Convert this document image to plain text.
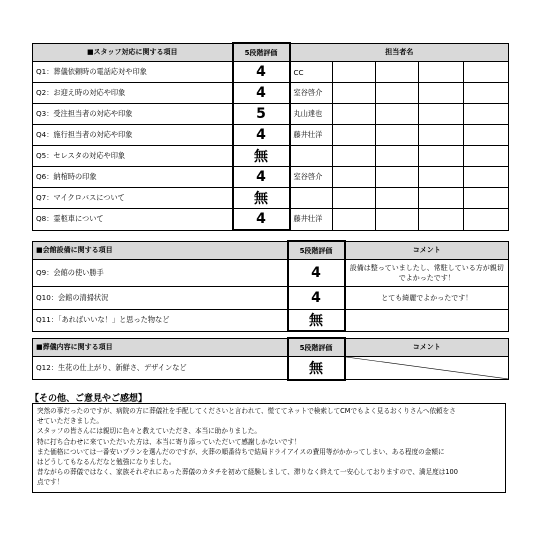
■スタッフ対応に関する項目	5段階評価	担当者名				
Q1：葬儀依頼時の電話応対や印象	4	CC				
Q2：お迎え時の対応や印象	4	室谷啓介				
Q3：受注担当者の対応や印象	5	丸山達也				
Q4：施行担当者の対応や印象	4	藤井壮洋				
Q5：セレスタの対応や印象	無					
Q6：納棺時の印象	4	室谷啓介				
Q7：マイクロバスについて	無					
Q8：霊柩車について	4	藤井壮洋				
■会館設備に関する項目	5段階評価	コメント
Q9：会館の使い勝手	4	設備は整っていましたし、常駐している方が親切でよかったです！
Q10：会館の清掃状況	4	とても綺麗でよかったです！
Q11：「あればいいな！」と思った物など	無	
■葬儀内容に関する項目	5段階評価	コメント
Q12：生花の仕上がり、新鮮さ、デザインなど	無	
【その他、ご意見やご感想】

突然の事だったのですが、病院の方に葬儀社を手配してくださいと言われて、慌ててネットで検索してCMでもよく見るおくりさんへ依頼をさ

せていただきました。

スタッフの皆さんには親切に色々と教えていただき、本当に助かりました。

特に打ち合わせに来ていただいた方は、本当に寄り添っていただいて感謝しかないです！

また価格については一番安いプランを選んだのですが、火葬の順番待ちで結局ドライアイスの費用等がかかってしまい、ある程度の金額に

はどうしてもなるんだなと勉強になりました。

昔ながらの葬儀ではなく、家族それぞれにあった葬儀のカタチを初めて経験しまして、滞りなく終えて一安心しておりますので、満足度は100

点です！
